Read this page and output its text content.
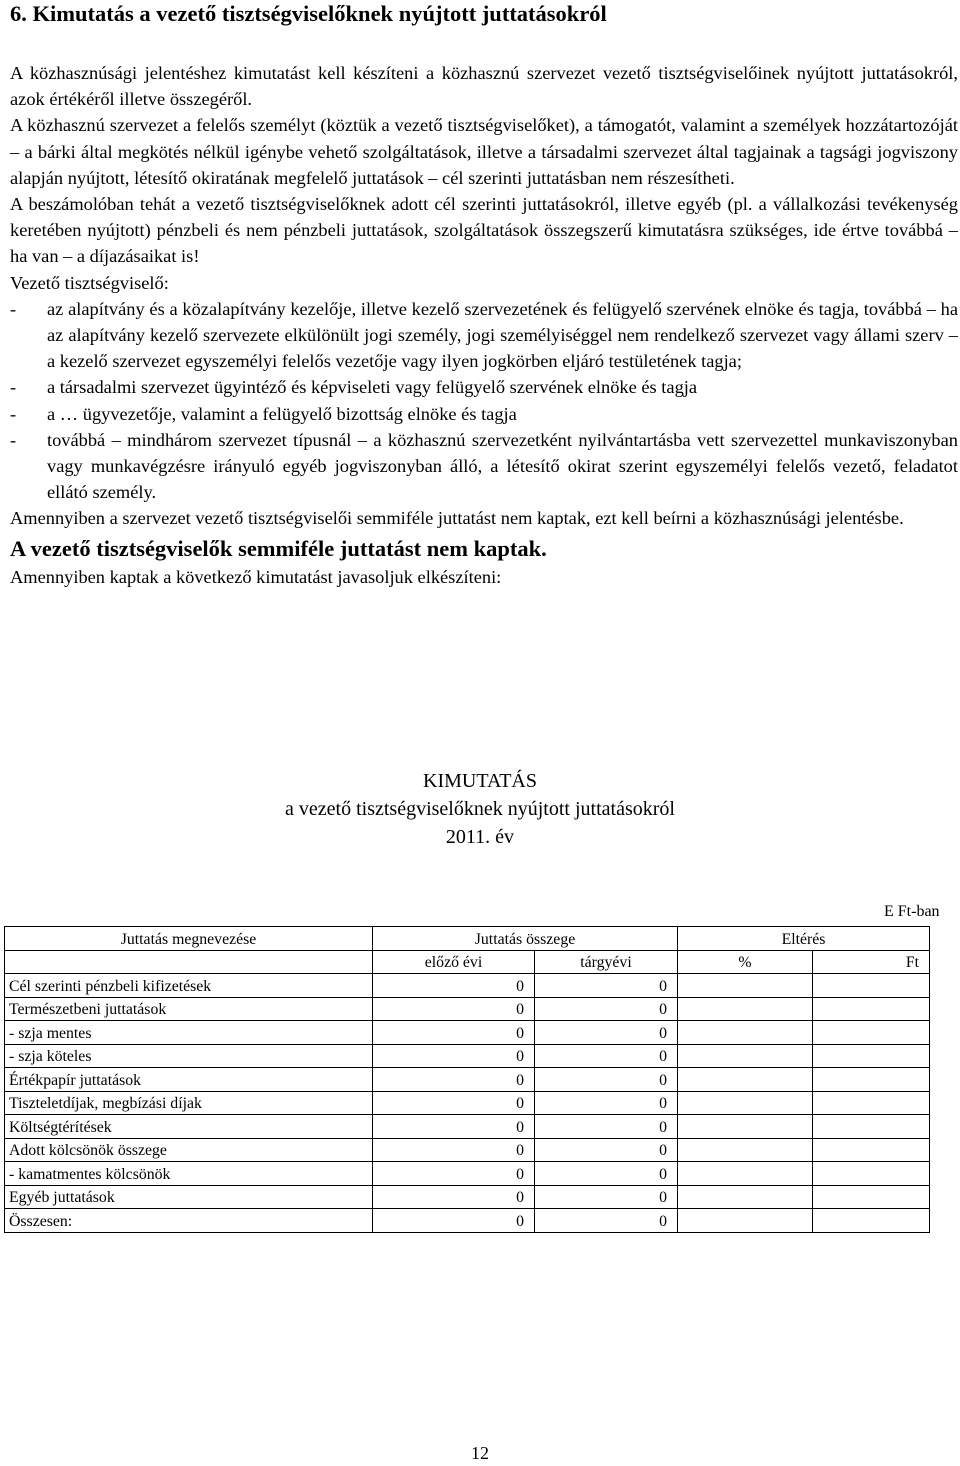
6. Kimutatás a vezető tisztségviselőknek nyújtott juttatásokról

A közhasznúsági jelentéshez kimutatást kell készíteni a közhasznú szervezet vezető tisztségviselőinek nyújtott juttatásokról, azok értékéről illetve összegéről.

A közhasznú szervezet a felelős személyt (köztük a vezető tisztségviselőket), a támogatót, valamint a személyek hozzátartozóját – a bárki által megkötés nélkül igénybe vehető szolgáltatások, illetve a társadalmi szervezet által tagjainak a tagsági jogviszony alapján nyújtott, létesítő okiratának megfelelő juttatások – cél szerinti juttatásban nem részesítheti.

A beszámolóban tehát a vezető tisztségviselőknek adott cél szerinti juttatásokról, illetve egyéb (pl. a vállalkozási tevékenység keretében nyújtott) pénzbeli és nem pénzbeli juttatások, szolgáltatások összegszerű kimutatásra szükséges, ide értve továbbá – ha van – a díjazásaikat is!

Vezető tisztségviselő:

- az alapítvány és a közalapítvány kezelője, illetve kezelő szervezetének és felügyelő szervének elnöke és tagja, továbbá – ha az alapítvány kezelő szervezete elkülönült jogi személy, jogi személyiséggel nem rendelkező szervezet vagy állami szerv – a kezelő szervezet egyszemélyi felelős vezetője vagy ilyen jogkörben eljáró testületének tagja;
- a társadalmi szervezet ügyintéző és képviseleti vagy felügyelő szervének elnöke és tagja
- a … ügyvezetője, valamint a felügyelő bizottság elnöke és tagja
- továbbá – mindhárom szervezet típusnál – a közhasznú szervezetként nyilvántartásba vett szervezettel munkaviszonyban vagy munkavégzésre irányuló egyéb jogviszonyban álló, a létesítő okirat szerint egyszemélyi felelős vezető, feladatot ellátó személy.

Amennyiben a szervezet vezető tisztségviselői semmiféle juttatást nem kaptak, ezt kell beírni a közhasznúsági jelentésbe.

A vezető tisztségviselők semmiféle juttatást nem kaptak.

Amennyiben kaptak a következő kimutatást javasoljuk elkészíteni:

KIMUTATÁS
a vezető tisztségviselőknek nyújtott juttatásokról
2011. év
E Ft-ban
Juttatás megnevezése	Juttatás összege		Eltérés	
	előző évi	tárgyévi	%	Ft
Cél szerinti pénzbeli kifizetések	0	0		
Természetbeni juttatások	0	0		
- szja mentes	0	0		
- szja köteles	0	0		
Értékpapír juttatások	0	0		
Tiszteletdíjak, megbízási díjak	0	0		
Költségtérítések	0	0		
Adott kölcsönök összege	0	0		
- kamatmentes kölcsönök	0	0		
Egyéb juttatások	0	0		
Összesen:	0	0		
12
